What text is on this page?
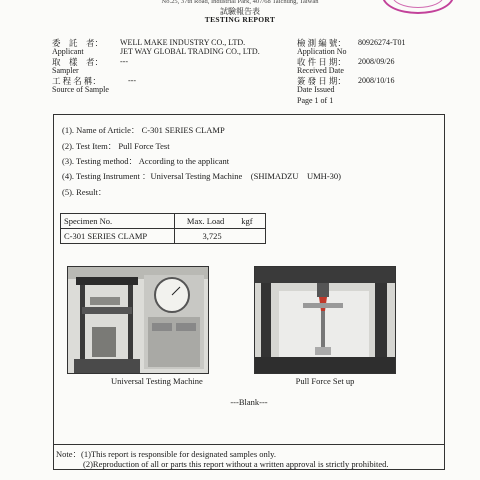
No.25, 37th Road, Industrial Park, 407/68 Taichung, Taiwan
試驗報告表
TESTING REPORT
委　託　者： WELL MAKE INDUSTRY CO., LTD.
Applicant	JET WAY GLOBAL TRADING CO., LTD.
取　樣　者： ---
Sampler
工 程 名 稱：	---
Source of Sample
檢 測 編 號： 80926274-T01
Application No
收 件 日 期： 2008/09/26
Received Date
簽 發 日 期： 2008/10/16
Date Issued
Page 1 of 1
(1). Name of Article： C-301 SERIES CLAMP
(2). Test Item： Pull Force Test
(3). Testing method： According to the applicant
(4). Testing Instrument ：Universal Testing Machine　(SHIMADZU　UMH-30)
(5). Result：
Specimen No.	Max. Load　　kgf
C-301 SERIES CLAMP	3,725
Universal Testing Machine	Pull Force Set up
---Blank---
Note：(1)This report is responsible for designated samples only.
(2)Reproduction of all or parts this report without a written approval is strictly prohibited.
